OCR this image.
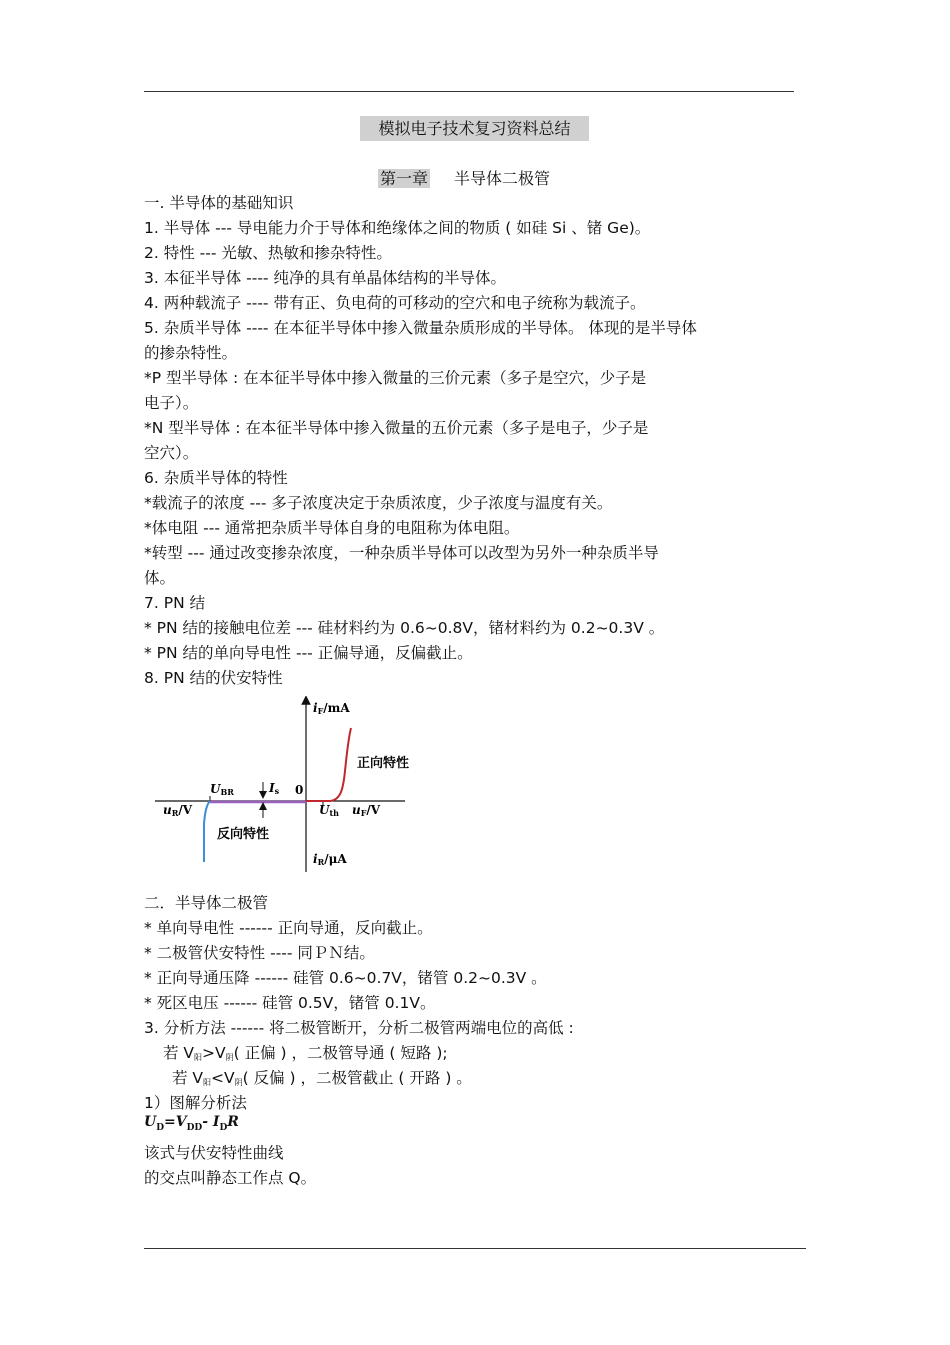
模拟电子技术复习资料总结
第一章 半导体二极管
一. 半导体的基础知识
1. 半导体 --- 导电能力介于导体和绝缘体之间的物质 ( 如硅 Si 、锗 Ge)。
2. 特性 --- 光敏、热敏和掺杂特性。
3. 本征半导体 ---- 纯净的具有单晶体结构的半导体。
4. 两种载流子 ---- 带有正、负电荷的可移动的空穴和电子统称为载流子。
5. 杂质半导体 ---- 在本征半导体中掺入微量杂质形成的半导体。 体现的是半导体
的掺杂特性。
*P 型半导体 : 在本征半导体中掺入微量的三价元素（多子是空穴，少子是
电子）。
*N 型半导体 : 在本征半导体中掺入微量的五价元素（多子是电子，少子是
空穴）。
6. 杂质半导体的特性
*载流子的浓度 --- 多子浓度决定于杂质浓度，少子浓度与温度有关。
*体电阻 --- 通常把杂质半导体自身的电阻称为体电阻。
*转型 --- 通过改变掺杂浓度，一种杂质半导体可以改型为另外一种杂质半导
体。
7. PN 结
* PN 结的接触电位差 --- 硅材料约为 0.6~0.8V，锗材料约为 0.2~0.3V 。
* PN 结的单向导电性 --- 正偏导通，反偏截止。
8. PN 结的伏安特性
iF/mA
正向特性
0
UBR	Is
uR/V	Uth uF/V
反向特性
iR/μA
二．半导体二极管
* 单向导电性 ------ 正向导通，反向截止。
* 二极管伏安特性 ---- 同ＰＮ结。
* 正向导通压降 ------ 硅管 0.6~0.7V，锗管 0.2~0.3V 。
* 死区电压 ------ 硅管 0.5V，锗管 0.1V。
3. 分析方法 ------ 将二极管断开，分析二极管两端电位的高低 :
若 $V_阳>V_阴$( 正偏 ) ，二极管导通 ( 短路 );
若 $V_阳<V_阴$( 反偏 ) ，二极管截止 ( 开路 ) 。
1）图解分析法
$U_D=V_{DD}-$ $I_DR$
该式与伏安特性曲线
的交点叫静态工作点 Q。
